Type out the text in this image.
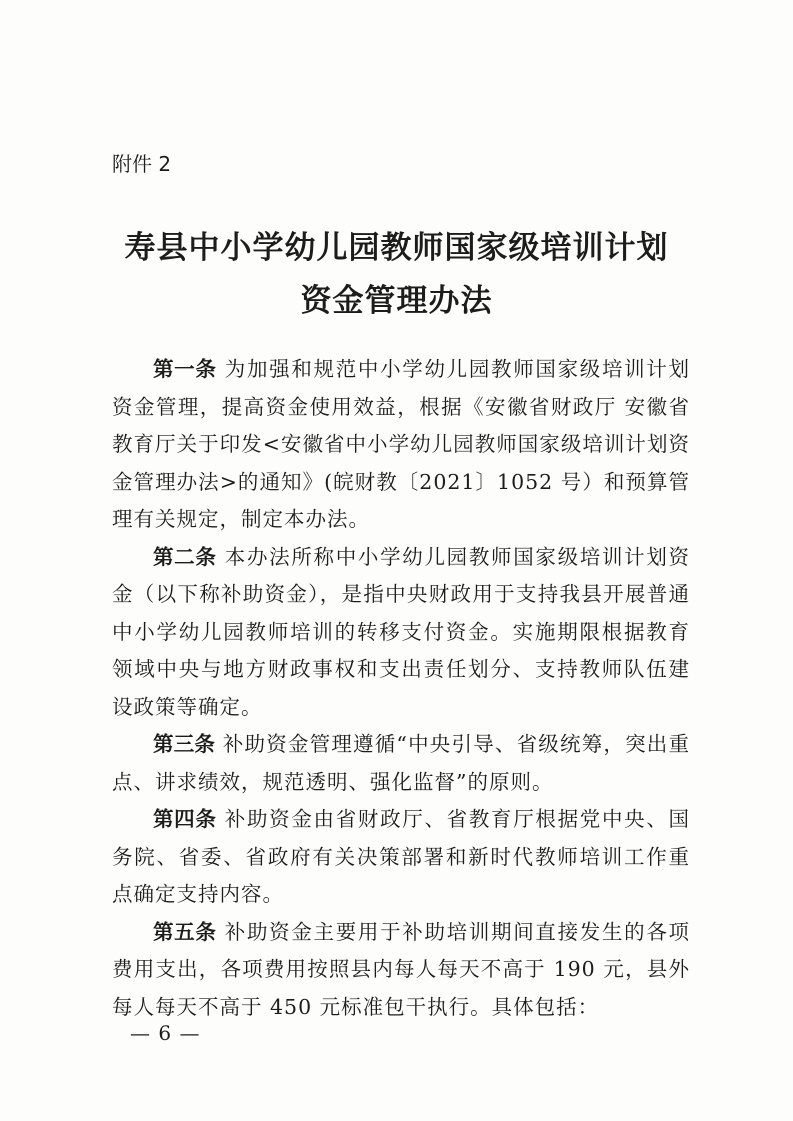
附件 2
寿县中小学幼儿园教师国家级培训计划
资金管理办法

第一条 为加强和规范中小学幼儿园教师国家级培训计划资金管理，提高资金使用效益，根据《安徽省财政厅 安徽省教育厅关于印发<安徽省中小学幼儿园教师国家级培训计划资金管理办法>的通知》(皖财教〔2021〕1052 号）和预算管理有关规定，制定本办法。

第二条 本办法所称中小学幼儿园教师国家级培训计划资金（以下称补助资金），是指中央财政用于支持我县开展普通中小学幼儿园教师培训的转移支付资金。实施期限根据教育领域中央与地方财政事权和支出责任划分、支持教师队伍建设政策等确定。

第三条 补助资金管理遵循“中央引导、省级统筹，突出重点、讲求绩效，规范透明、强化监督”的原则。

第四条 补助资金由省财政厅、省教育厅根据党中央、国务院、省委、省政府有关决策部署和新时代教师培训工作重点确定支持内容。

第五条 补助资金主要用于补助培训期间直接发生的各项费用支出，各项费用按照县内每人每天不高于 190 元，县外每人每天不高于 450 元标准包干执行。具体包括：

— 6 —
